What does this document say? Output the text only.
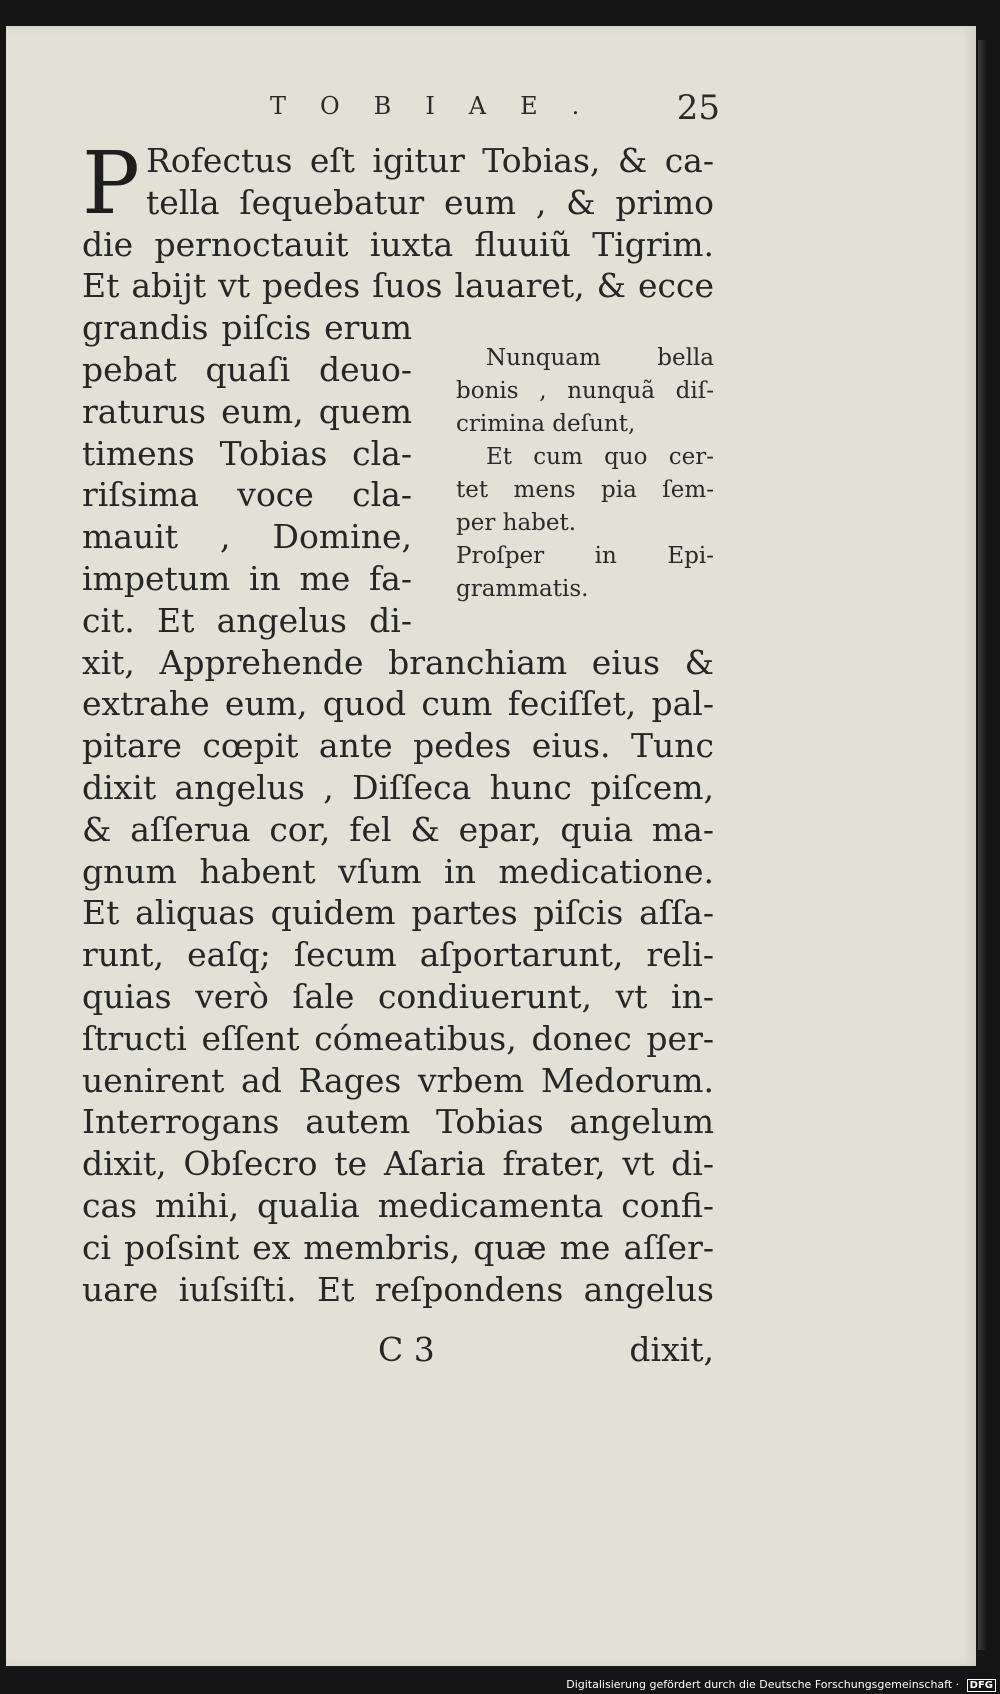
TOBIAE. 25
P Rofectus eſt igitur Tobias, & ca-
tella ſequebatur eum , & primo
die pernoctauit iuxta fluuiũ Tigrim.
Et abijt vt pedes ſuos lauaret, & ecce
grandis piſcis erum
pebat quaſi deuo-
raturus eum, quem
timens Tobias cla-
riſsima voce cla-
mauit , Domine,
impetum in me fa-
cit. Et angelus di-
xit, Apprehende branchiam eius &
extrahe eum, quod cum feciſſet, pal-
pitare cœpit ante pedes eius. Tunc
dixit angelus , Diſſeca hunc piſcem,
& aſſerua cor, fel & epar, quia ma-
gnum habent vſum in medicatione.
Et aliquas quidem partes piſcis aſſa-
runt, eaſq; ſecum aſportarunt, reli-
quias verò ſale condiuerunt, vt in-
ſtructi eſſent cómeatibus, donec per-
uenirent ad Rages vrbem Medorum.
Interrogans autem Tobias angelum
dixit, Obſecro te Aſaria frater, vt di-
cas mihi, qualia medicamenta confi-
ci poſsint ex membris, quæ me aſſer-
uare iuſsiſti. Et reſpondens angelus
Nunquam bella
bonis , nunquã diſ-
crimina deſunt,
Et cum quo cer-
tet mens pia ſem-
per habet.
Proſper in Epi-
grammatis.
C 3	dixit,
Digitalisierung gefördert durch die Deutsche Forschungsgemeinschaft · DFG
